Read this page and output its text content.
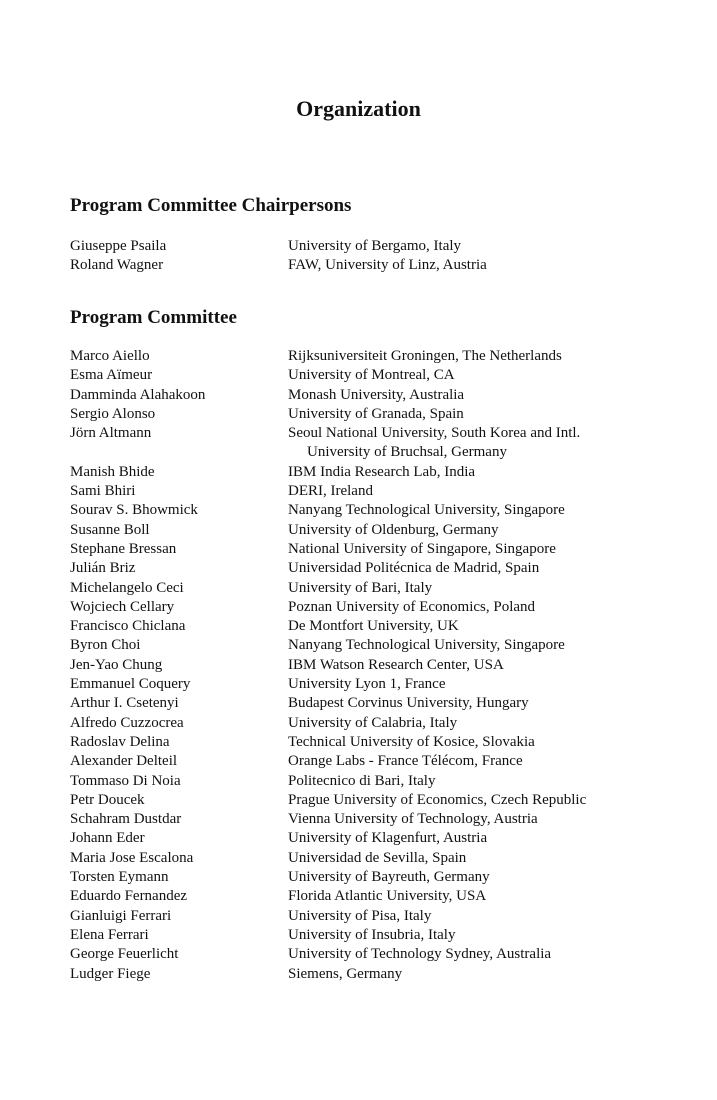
Organization
Program Committee Chairpersons
Giuseppe Psaila	University of Bergamo, Italy
Roland Wagner	FAW, University of Linz, Austria
Program Committee
Marco Aiello	Rijksuniversiteit Groningen, The Netherlands
Esma Aïmeur	University of Montreal, CA
Damminda Alahakoon	Monash University, Australia
Sergio Alonso	University of Granada, Spain
Jörn Altmann	Seoul National University, South Korea and Intl.
University of Bruchsal, Germany
Manish Bhide	IBM India Research Lab, India
Sami Bhiri	DERI, Ireland
Sourav S. Bhowmick	Nanyang Technological University, Singapore
Susanne Boll	University of Oldenburg, Germany
Stephane Bressan	National University of Singapore, Singapore
Julián Briz	Universidad Politécnica de Madrid, Spain
Michelangelo Ceci	University of Bari, Italy
Wojciech Cellary	Poznan University of Economics, Poland
Francisco Chiclana	De Montfort University, UK
Byron Choi	Nanyang Technological University, Singapore
Jen-Yao Chung	IBM Watson Research Center, USA
Emmanuel Coquery	University Lyon 1, France
Arthur I. Csetenyi	Budapest Corvinus University, Hungary
Alfredo Cuzzocrea	University of Calabria, Italy
Radoslav Delina	Technical University of Kosice, Slovakia
Alexander Delteil	Orange Labs - France Télécom, France
Tommaso Di Noia	Politecnico di Bari, Italy
Petr Doucek	Prague University of Economics, Czech Republic
Schahram Dustdar	Vienna University of Technology, Austria
Johann Eder	University of Klagenfurt, Austria
Maria Jose Escalona	Universidad de Sevilla, Spain
Torsten Eymann	University of Bayreuth, Germany
Eduardo Fernandez	Florida Atlantic University, USA
Gianluigi Ferrari	University of Pisa, Italy
Elena Ferrari	University of Insubria, Italy
George Feuerlicht	University of Technology Sydney, Australia
Ludger Fiege	Siemens, Germany
